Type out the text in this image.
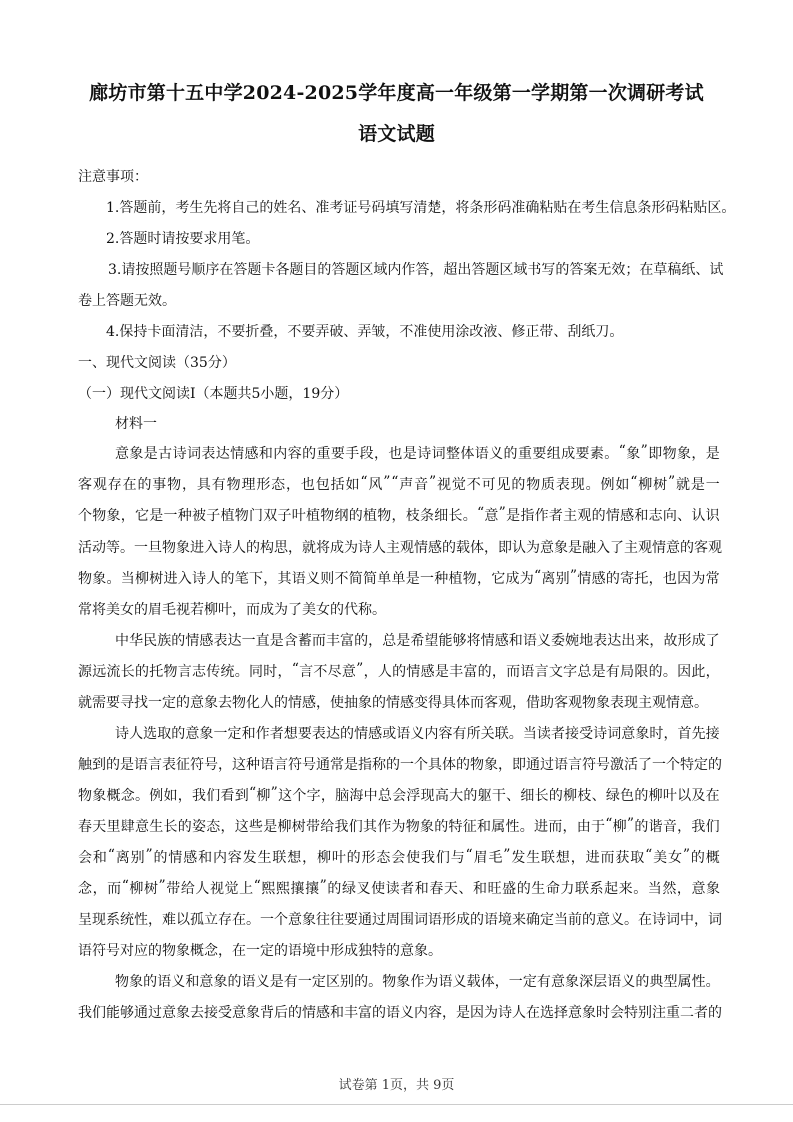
廊坊市第十五中学2024-2025学年度高一年级第一学期第一次调研考试
语文试题
注意事项：
1.答题前，考生先将自己的姓名、准考证号码填写清楚，将条形码准确粘贴在考生信息条形码粘贴区。
2.答题时请按要求用笔。
3.请按照题号顺序在答题卡各题目的答题区域内作答，超出答题区域书写的答案无效；在草稿纸、试
卷上答题无效。
4.保持卡面清洁，不要折叠，不要弄破、弄皱，不准使用涂改液、修正带、刮纸刀。
一、现代文阅读（35分）
（一）现代文阅读Ⅰ（本题共5小题，19分）
材料一
意 象 是 古 诗 词 表 达 情 感 和 内 容 的 重 要 手 段 ， 也 是 诗 词 整 体 语 义 的 重 要 组 成 要 素 。 “ 象 ” 即 物 象 ， 是
客 观 存 在 的 事 物 ， 具 有 物 理 形 态 ， 也 包 括 如 “ 风 ” “ 声 音 ” 视 觉 不 可 见 的 物 质 表 现 。 例 如 “ 柳 树 ” 就 是 一
个 物 象 ， 它 是 一 种 被 子 植 物 门 双 子 叶 植 物 纲 的 植 物 ， 枝 条 细 长 。 “ 意 ” 是 指 作 者 主 观 的 情 感 和 志 向 、 认 识
活 动 等 。 一 旦 物 象 进 入 诗 人 的 构 思 ， 就 将 成 为 诗 人 主 观 情 感 的 载 体 ， 即 认 为 意 象 是 融 入 了 主 观 情 意 的 客 观
物 象 。 当 柳 树 进 入 诗 人 的 笔 下 ， 其 语 义 则 不 简 简 单 单 是 一 种 植 物 ， 它 成 为 “ 离 别 ” 情 感 的 寄 托 ， 也 因 为 常
常将美女的眉毛视若柳叶，而成为了美女的代称。
中 华 民 族 的 情 感 表 达 一 直 是 含 蓄 而 丰 富 的 ， 总 是 希 望 能 够 将 情 感 和 语 义 委 婉 地 表 达 出 来 ， 故 形 成 了
源 远 流 长 的 托 物 言 志 传 统 。 同 时 ， “ 言 不 尽 意 ” ， 人 的 情 感 是 丰 富 的 ， 而 语 言 文 字 总 是 有 局 限 的 。 因 此 ，
就需要寻找一定的意象去物化人的情感，使抽象的情感变得具体而客观，借助客观物象表现主观情意。
诗 人 选 取 的 意 象 一 定 和 作 者 想 要 表 达 的 情 感 或 语 义 内 容 有 所 关 联 。 当 读 者 接 受 诗 词 意 象 时 ， 首 先 接
触 到 的 是 语 言 表 征 符 号 ， 这 种 语 言 符 号 通 常 是 指 称 的 一 个 具 体 的 物 象 ， 即 通 过 语 言 符 号 激 活 了 一 个 特 定 的
物 象 概 念 。 例 如 ， 我 们 看 到 “ 柳 ” 这 个 字 ， 脑 海 中 总 会 浮 现 高 大 的 躯 干 、 细 长 的 柳 枝 、 绿 色 的 柳 叶 以 及 在
春 天 里 肆 意 生 长 的 姿 态 ， 这 些 是 柳 树 带 给 我 们 其 作 为 物 象 的 特 征 和 属 性 。 进 而 ， 由 于 “ 柳 ” 的 谐 音 ， 我 们
会 和 “ 离 别 ” 的 情 感 和 内 容 发 生 联 想 ， 柳 叶 的 形 态 会 使 我 们 与 “ 眉 毛 ” 发 生 联 想 ， 进 而 获 取 “ 美 女 ” 的 概
念 ， 而 “ 柳 树 ” 带 给 人 视 觉 上 “ 熙 熙 攘 攘 ” 的 绿 叉 使 读 者 和 春 天 、 和 旺 盛 的 生 命 力 联 系 起 来 。 当 然 ， 意 象
呈 现 系 统 性 ， 难 以 孤 立 存 在 。 一 个 意 象 往 往 要 通 过 周 围 词 语 形 成 的 语 境 来 确 定 当 前 的 意 义 。 在 诗 词 中 ， 词
语符号对应的物象概念，在一定的语境中形成独特的意象。
物 象 的 语 义 和 意 象 的 语 义 是 有 一 定 区 别 的 。 物 象 作 为 语 义 载 体 ， 一 定 有 意 象 深 层 语 义 的 典 型 属 性 。
我 们 能 够 通 过 意 象 去 接 受 意 象 背 后 的 情 感 和 丰 富 的 语 义 内 容 ， 是 因 为 诗 人 在 选 择 意 象 时 会 特 别 注 重 二 者 的
试卷第 1页，共 9页
